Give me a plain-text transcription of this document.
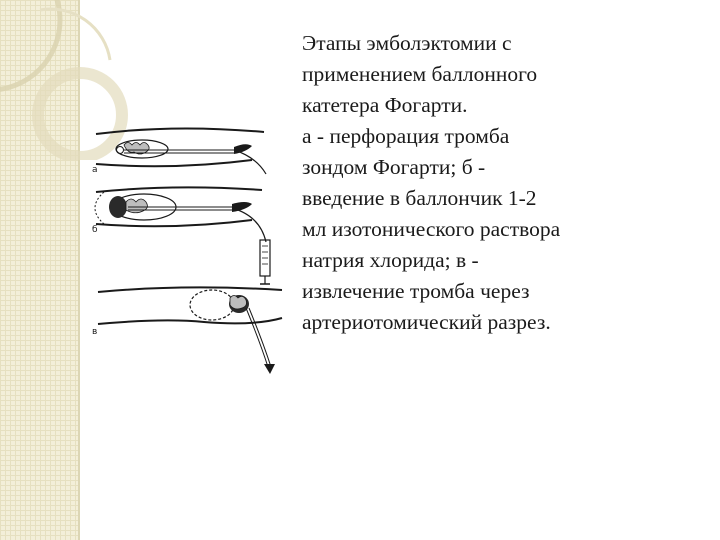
а
б
в

Этапы эмболэктомии с
применением баллонного
катетера Фогарти.
а - перфорация тромба
зондом Фогарти; б -
введение в баллончик 1-2
мл изотонического раствора
натрия хлорида; в -
извлечение тромба через
артериотомический разрез.
